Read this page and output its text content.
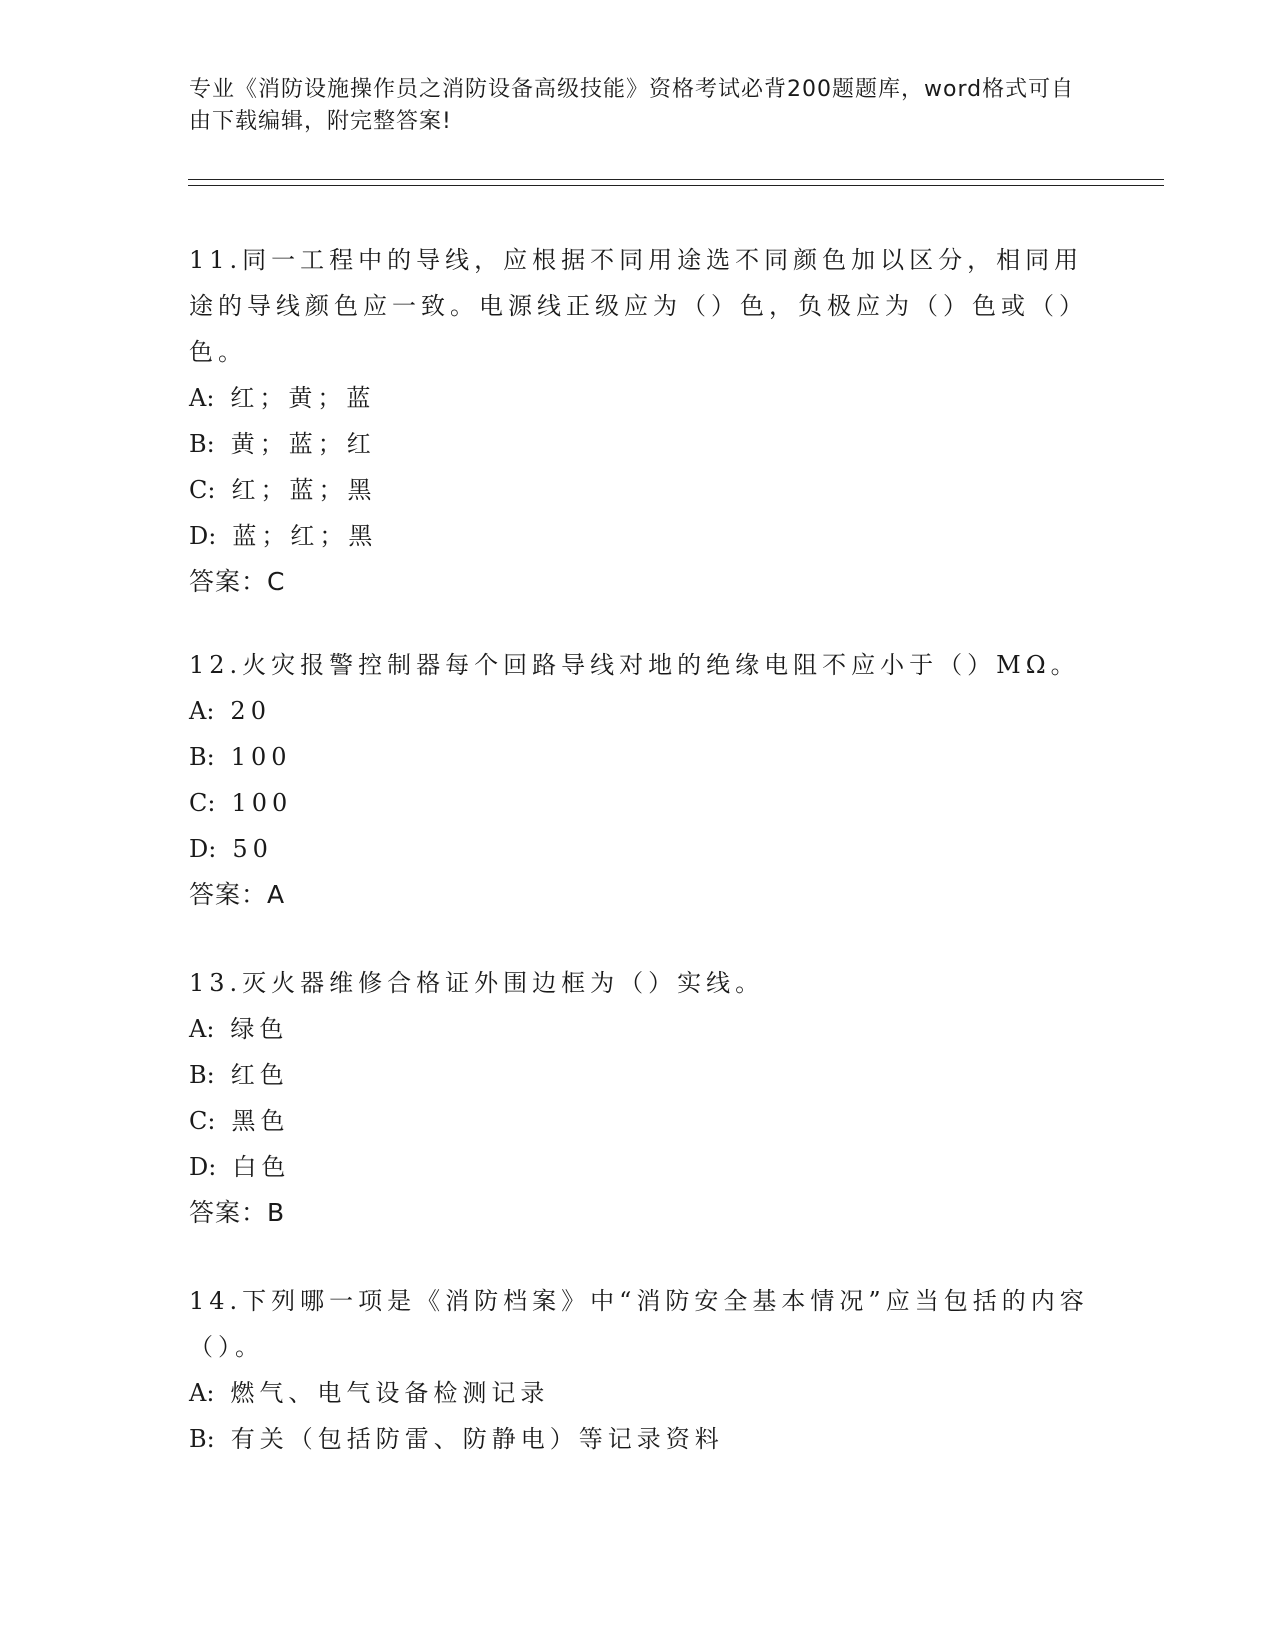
专业《消防设施操作员之消防设备高级技能》资格考试必背200题题库，word格式可自由下载编辑，附完整答案!

11.同一工程中的导线，应根据不同用途选不同颜色加以区分，相同用途的导线颜色应一致。电源线正级应为（）色，负极应为（）色或（）色。

A: 红；黄；蓝

B: 黄；蓝；红

C: 红；蓝；黑

D: 蓝；红；黑

答案：C

12.火灾报警控制器每个回路导线对地的绝缘电阻不应小于（）MΩ。

A: 20

B: 100

C: 100

D: 50

答案：A

13.灭火器维修合格证外围边框为（）实线。

A: 绿色

B: 红色

C: 黑色

D: 白色

答案：B

14.下列哪一项是《消防档案》中“消防安全基本情况”应当包括的内容（）。

A: 燃气、电气设备检测记录

B: 有关（包括防雷、防静电）等记录资料
